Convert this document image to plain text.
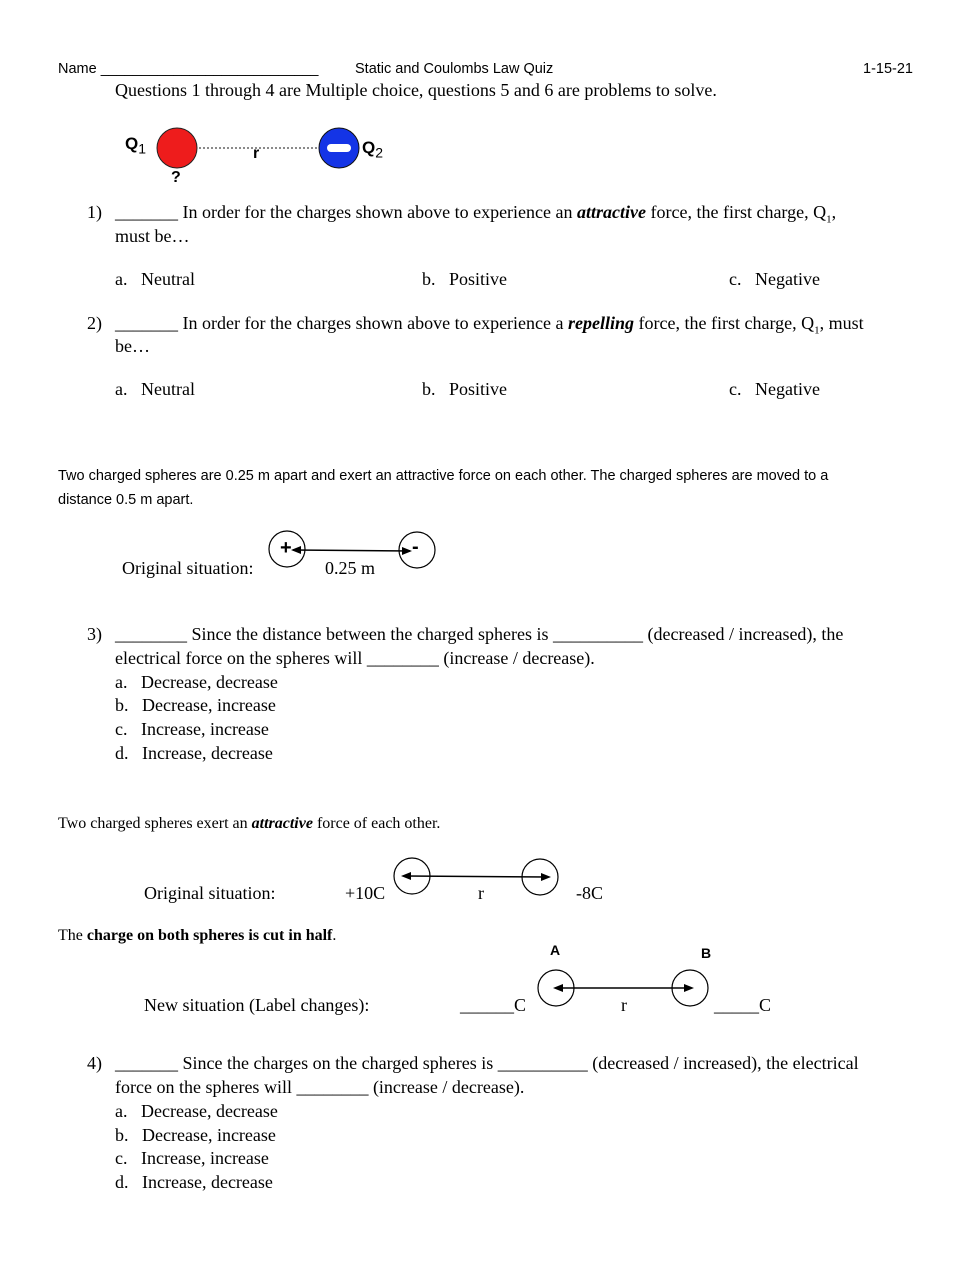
Name ___________________________	Static and Coulombs Law Quiz	1-15-21
Questions 1 through 4 are Multiple choice, questions 5 and 6 are problems to solve.
$Q_1$
?
r	$Q_2$
1) _______ In order for the charges shown above to experience an attractive force, the first charge, $Q_1$,
must be…
a. Neutral	b. Positive	c. Negative
2) _______ In order for the charges shown above to experience a repelling force, the first charge, $Q_1$, must
be…
a. Neutral	b. Positive	c. Negative
Two charged spheres are 0.25 m apart and exert an attractive force on each other. The charged spheres are moved to a
distance 0.5 m apart.
Original situation:
+	-
0.25 m
3) ________ Since the distance between the charged spheres is __________ (decreased / increased), the
electrical force on the spheres will ________ (increase / decrease).
a. Decrease, decrease
b. Decrease, increase
c. Increase, increase
d. Increase, decrease
Two charged spheres exert an attractive force of each other.
Original situation:	+10C	r	-8C
The charge on both spheres is cut in half.
A	B
New situation (Label changes):	______C	r	_____C
4) _______ Since the charges on the charged spheres is __________ (decreased / increased), the electrical
force on the spheres will ________ (increase / decrease).
a. Decrease, decrease
b. Decrease, increase
c. Increase, increase
d. Increase, decrease
